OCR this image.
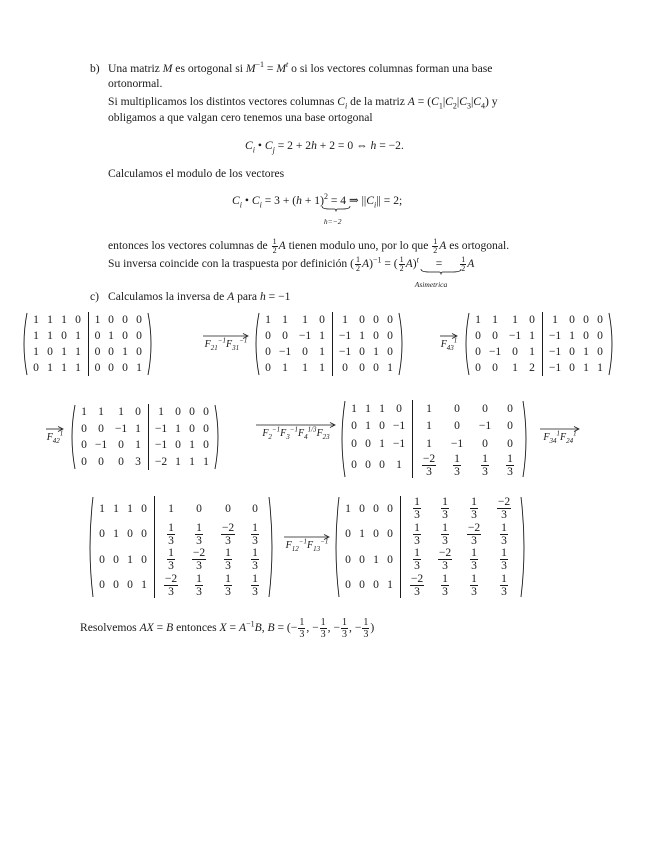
b) Una matriz M es ortogonal si $M^{-1} = M^t$ o si los vectores columnas forman una base
ortonormal.
Si multiplicamos los distintos vectores columnas $C_i$ de la matriz $A = (C_1|C_2|C_3|C_4)$ y
obligamos a que valgan cero tenemos una base ortogonal
$C_i$ • $C_j = 2 + 2h + 2 = 0$ ⇔ h = −2.
Calculamos el modulo de los vectores
$C_i$ • $C_i = 3 + (h + 1)^2$ =
h=−2
4 ⇒ $||C_i|| = 2$;
entonces los vectores columnas de $\frac{1}{2}$ A tienen modulo uno, por lo que $\frac{1}{2}$ A es ortogonal.
Su inversa coincide con la traspuesta por definición ( $\frac{1}{2} A)^{-1}$ = ( $\frac{1}{2} A)^t$ =
Asimetrica

$\frac{1}{2}$ A
c) Calculamos la inversa de A para h = −1
1 1 1 0 1 0 0 0
1 1 0 1 0 1 0 0
1 0 1 1 0 0 1 0
0 1 1 1 0 0 0 1
$F_{21}^{-1}F_{31}^{-1}$
1 1 1 0 1 0 0 0
0 0 −1 1 −1 1 0 0
0 −1 0 1 −1 0 1 0
0 1 1 1 0 0 0 1
$F_{43}^1$
1 1 1 0 1 0 0 0
0 0 −1 1 −1 1 0 0
0 −1 0 1 −1 0 1 0
0 0 1 2 −1 0 1 1
$F_{42}^1$
1 1 1 0 1 0 0 0
0 0 −1 1 −1 1 0 0
0 −1 0 1 −1 0 1 0
0 0 0 3 −2 1 1 1
$F_2^{-1}F_3^{-1}F_4^{1/3}F_{23}$
1 1 1 0 1 0 0 0
0 1 0 −1 1 0 −1 0
0 0 1 −1 1 −1 0 0
0 0 0 1 −2
3
1
3
1
3
1
3
$F_{34}^1F_{24}^1$
1 1 1 0 1 0 0 0
0 1 0 0 1
3
1
3
−2
3
1
3
0 0 1 0 1
3
−2
3
1
3
1
3
0 0 0 1 −2
3
1
3
1
3
1
3
$F_{12}^{-1}F_{13}^{-1}$
1 0 0 0 1
3
1
3
1
3
−2
3
0 1 0 0 1
3
1
3
−2
3
1
3
0 0 1 0 1
3
−2
3
1
3
1
3
0 0 0 1 −2
3
1
3
1
3
1
3
Resolvemos AX = B entonces $X = A^{-1}B$, B = (− $\frac{1}{3}$ , − $\frac{1}{3}$ , − $\frac{1}{3}$ , − $\frac{1}{3}$ )
